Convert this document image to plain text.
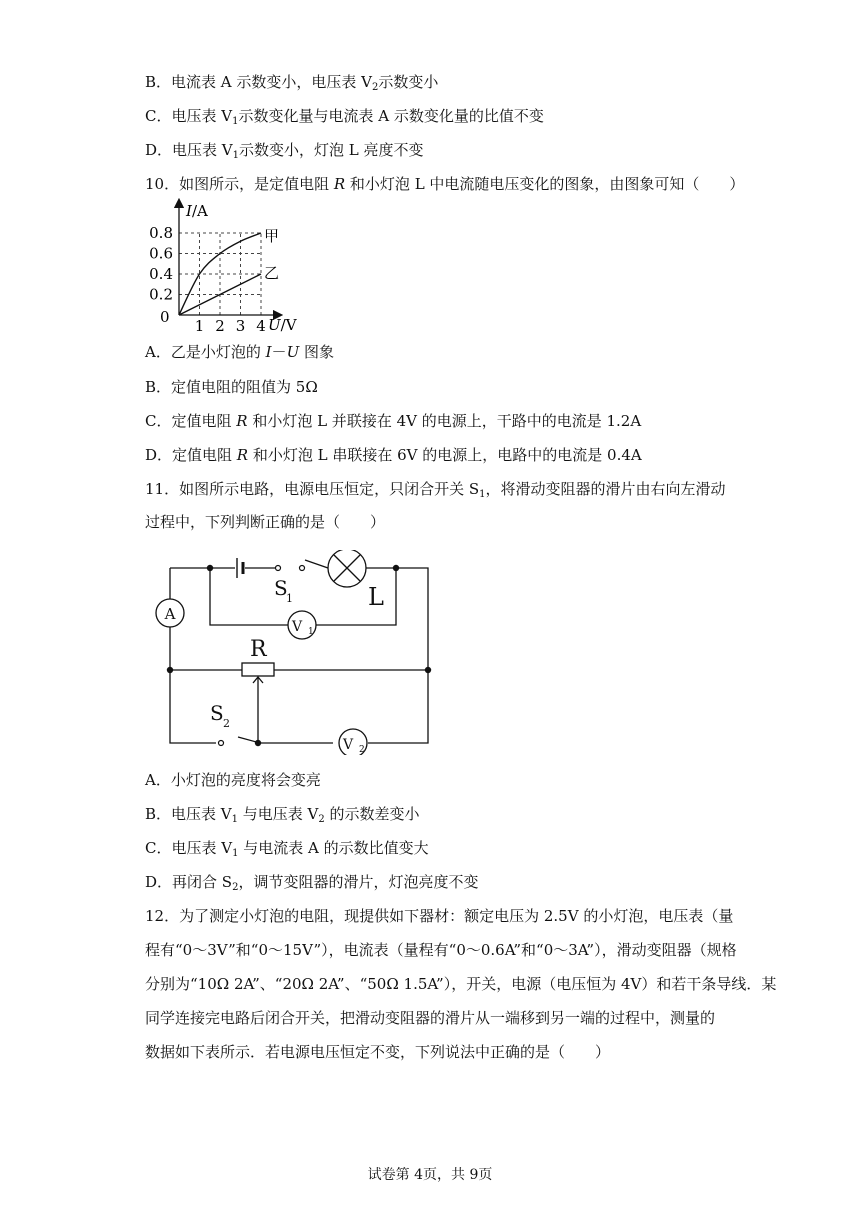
B．电流表 A 示数变小，电压表 $V_2$示数变小
C．电压表 $V_1$示数变化量与电流表 A 示数变化量的比值不变
D．电压表 $V_1$示数变小，灯泡 L 亮度不变
10．如图所示，是定值电阻 R 和小灯泡 L 中电流随电压变化的图象，由图象可知（　　）
I/A
U/V
0
0.8
0.6
0.4
0.2
1 2 3 4
甲
乙
A．乙是小灯泡的 I－U 图象
B．定值电阻的阻值为 5Ω
C．定值电阻 R 和小灯泡 L 并联接在 4V 的电源上，干路中的电流是 1.2A
D．定值电阻 R 和小灯泡 L 串联接在 6V 的电源上，电路中的电流是 0.4A
11．如图所示电路，电源电压恒定，只闭合开关 $S_1$，将滑动变阻器的滑片由右向左滑动
过程中，下列判断正确的是（　　）
A
V 1
V 2
S
1	L
R
S 2
A．小灯泡的亮度将会变亮
B．电压表 $V_1$ 与电压表 $V_2$ 的示数差变小
C．电压表 $V_1$ 与电流表 A 的示数比值变大
D．再闭合 $S_2$，调节变阻器的滑片，灯泡亮度不变
12．为了测定小灯泡的电阻，现提供如下器材：额定电压为 2.5V 的小灯泡，电压表（量
程有“0～3V”和“0～15V”），电流表（量程有“0～0.6A”和“0～3A”），滑动变阻器（规格
分别为“10Ω 2A”、“20Ω 2A”、“50Ω 1.5A”），开关，电源（电压恒为 4V）和若干条导线．某
同学连接完电路后闭合开关，把滑动变阻器的滑片从一端移到另一端的过程中，测量的
数据如下表所示．若电源电压恒定不变，下列说法中正确的是（　　）
试卷第 4页，共 9页
